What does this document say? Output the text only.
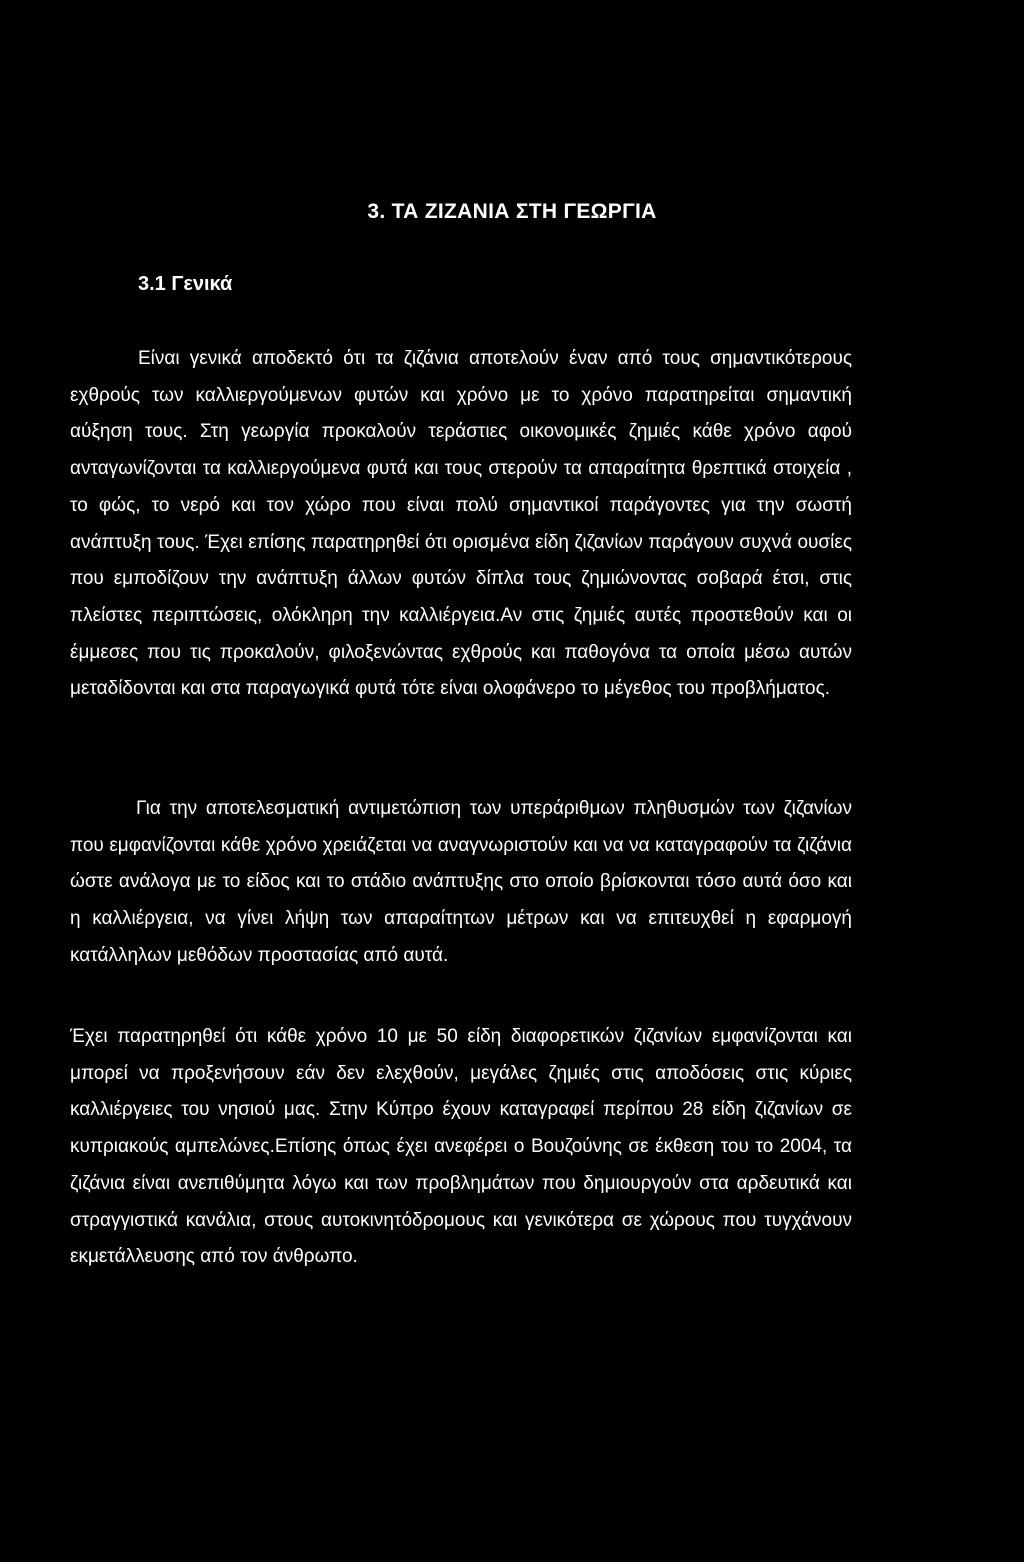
3. ΤΑ ΖΙΖΑΝΙΑ ΣΤΗ ΓΕΩΡΓΙΑ
3.1 Γενικά

Είναι γενικά αποδεκτό ότι τα ζιζάνια αποτελούν έναν από τους σημαντικότερους εχθρούς των καλλιεργούμενων φυτών και χρόνο με το χρόνο παρατηρείται σημαντική αύξηση τους. Στη γεωργία προκαλούν τεράστιες οικονομικές ζημιές κάθε χρόνο αφού ανταγωνίζονται τα καλλιεργούμενα φυτά και τους στερούν τα απαραίτητα θρεπτικά στοιχεία , το φώς, το νερό και τον χώρο που είναι πολύ σημαντικοί παράγοντες για την σωστή ανάπτυξη τους. Έχει επίσης παρατηρηθεί ότι ορισμένα είδη ζιζανίων παράγουν συχνά ουσίες που εμποδίζουν την ανάπτυξη άλλων φυτών δίπλα τους ζημιώνοντας σοβαρά έτσι, στις πλείστες περιπτώσεις, ολόκληρη την καλλιέργεια.Αν στις ζημιές αυτές προστεθούν και οι έμμεσες που τις προκαλούν, φιλοξενώντας εχθρούς και παθογόνα τα οποία μέσω αυτών μεταδίδονται και στα παραγωγικά φυτά τότε είναι ολοφάνερο το μέγεθος του προβλήματος.

Για την αποτελεσματική αντιμετώπιση των υπεράριθμων πληθυσμών των ζιζανίων που εμφανίζονται κάθε χρόνο χρειάζεται να αναγνωριστούν και να να καταγραφούν τα ζιζάνια ώστε ανάλογα με το είδος και το στάδιο ανάπτυξης στο οποίο βρίσκονται τόσο αυτά όσο και η καλλιέργεια, να γίνει λήψη των απαραίτητων μέτρων και να επιτευχθεί η εφαρμογή κατάλληλων μεθόδων προστασίας από αυτά.

Έχει παρατηρηθεί ότι κάθε χρόνο 10 με 50 είδη διαφορετικών ζιζανίων εμφανίζονται και μπορεί να προξενήσουν εάν δεν ελεχθούν, μεγάλες ζημιές στις αποδόσεις στις κύριες καλλιέργειες του νησιού μας. Στην Κύπρο έχουν καταγραφεί περίπου 28 είδη ζιζανίων σε κυπριακούς αμπελώνες.Επίσης όπως έχει ανεφέρει ο Βουζούνης σε έκθεση του το 2004, τα ζιζάνια είναι ανεπιθύμητα λόγω και των προβλημάτων που δημιουργούν στα αρδευτικά και στραγγιστικά κανάλια, στους αυτοκινητόδρομους και γενικότερα σε χώρους που τυγχάνουν εκμετάλλευσης από τον άνθρωπο.
